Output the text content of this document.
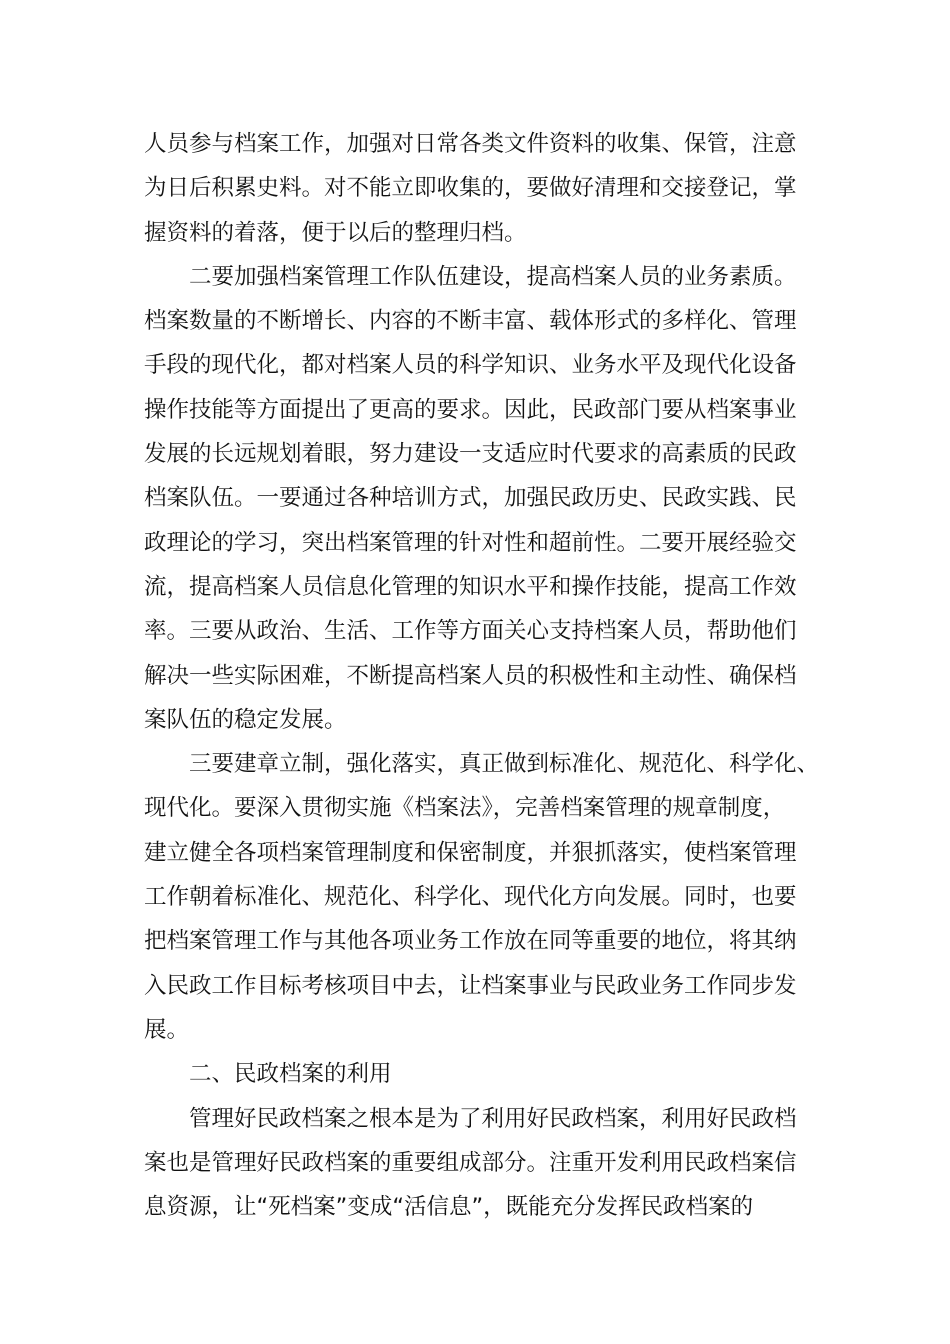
人员参与档案工作，加强对日常各类文件资料的收集、保管，注意
为日后积累史料。对不能立即收集的，要做好清理和交接登记，掌
握资料的着落，便于以后的整理归档。
二要加强档案管理工作队伍建设，提高档案人员的业务素质。
档案数量的不断增长、内容的不断丰富、载体形式的多样化、管理
手段的现代化，都对档案人员的科学知识、业务水平及现代化设备
操作技能等方面提出了更高的要求。因此，民政部门要从档案事业
发展的长远规划着眼，努力建设一支适应时代要求的高素质的民政
档案队伍。一要通过各种培训方式，加强民政历史、民政实践、民
政理论的学习，突出档案管理的针对性和超前性。二要开展经验交
流，提高档案人员信息化管理的知识水平和操作技能，提高工作效
率。三要从政治、生活、工作等方面关心支持档案人员，帮助他们
解决一些实际困难，不断提高档案人员的积极性和主动性、确保档
案队伍的稳定发展。
三要建章立制，强化落实，真正做到标准化、规范化、科学化、
现代化。要深入贯彻实施《档案法》，完善档案管理的规章制度，
建立健全各项档案管理制度和保密制度，并狠抓落实，使档案管理
工作朝着标准化、规范化、科学化、现代化方向发展。同时，也要
把档案管理工作与其他各项业务工作放在同等重要的地位，将其纳
入民政工作目标考核项目中去，让档案事业与民政业务工作同步发
展。
二、民政档案的利用
管理好民政档案之根本是为了利用好民政档案，利用好民政档
案也是管理好民政档案的重要组成部分。注重开发利用民政档案信
息资源，让“死档案”变成“活信息”，既能充分发挥民政档案的
